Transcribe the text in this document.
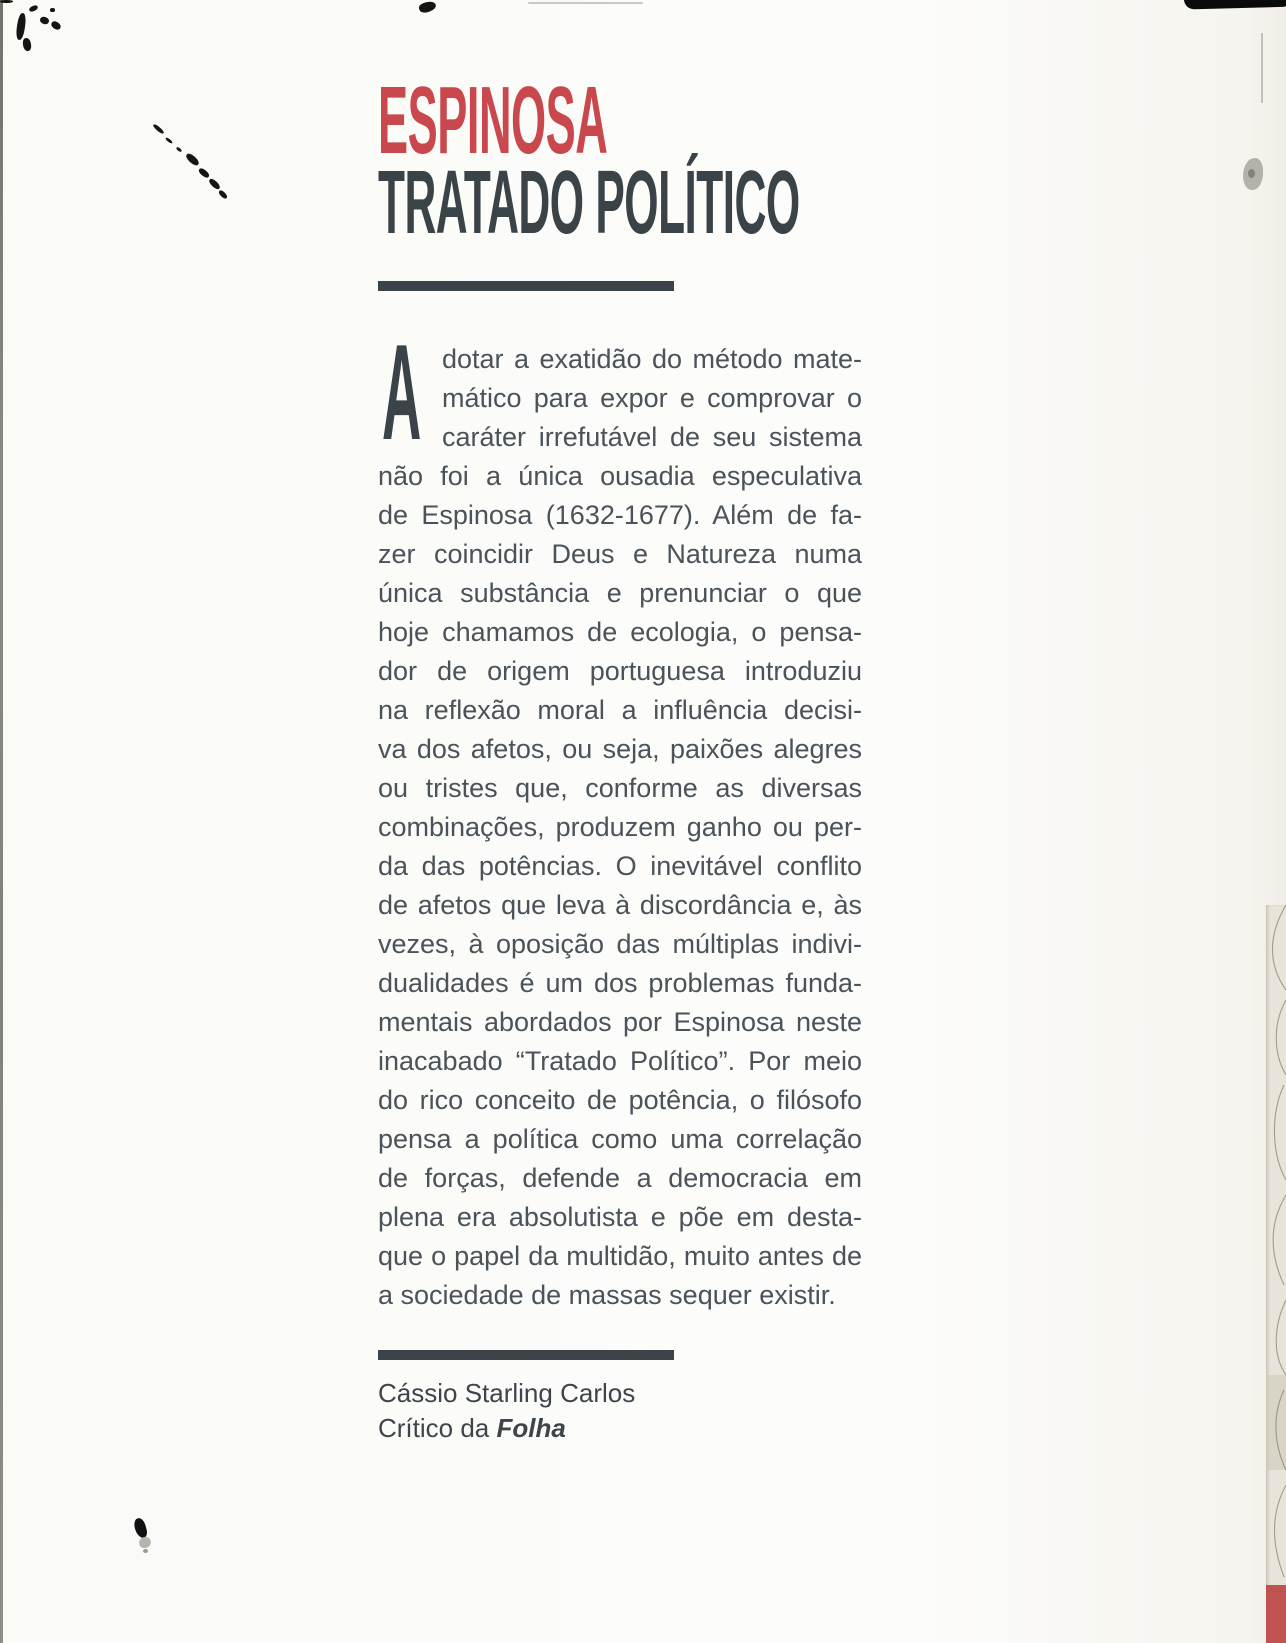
ESPINOSA
TRATADO POLÍTICO
A dotar a exatidão do método mate-
mático para expor e comprovar o
caráter irrefutável de seu sistema
não foi a única ousadia especulativa
de Espinosa (1632-1677). Além de fa-
zer coincidir Deus e Natureza numa
única substância e prenunciar o que
hoje chamamos de ecologia, o pensa-
dor de origem portuguesa introduziu
na reflexão moral a influência decisi-
va dos afetos, ou seja, paixões alegres
ou tristes que, conforme as diversas
combinações, produzem ganho ou per-
da das potências. O inevitável conflito
de afetos que leva à discordância e, às
vezes, à oposição das múltiplas indivi-
dualidades é um dos problemas funda-
mentais abordados por Espinosa neste
inacabado “Tratado Político”. Por meio
do rico conceito de potência, o filósofo
pensa a política como uma correlação
de forças, defende a democracia em
plena era absolutista e põe em desta-
que o papel da multidão, muito antes de
a sociedade de massas sequer existir.
Cássio Starling Carlos
Crítico da Folha
